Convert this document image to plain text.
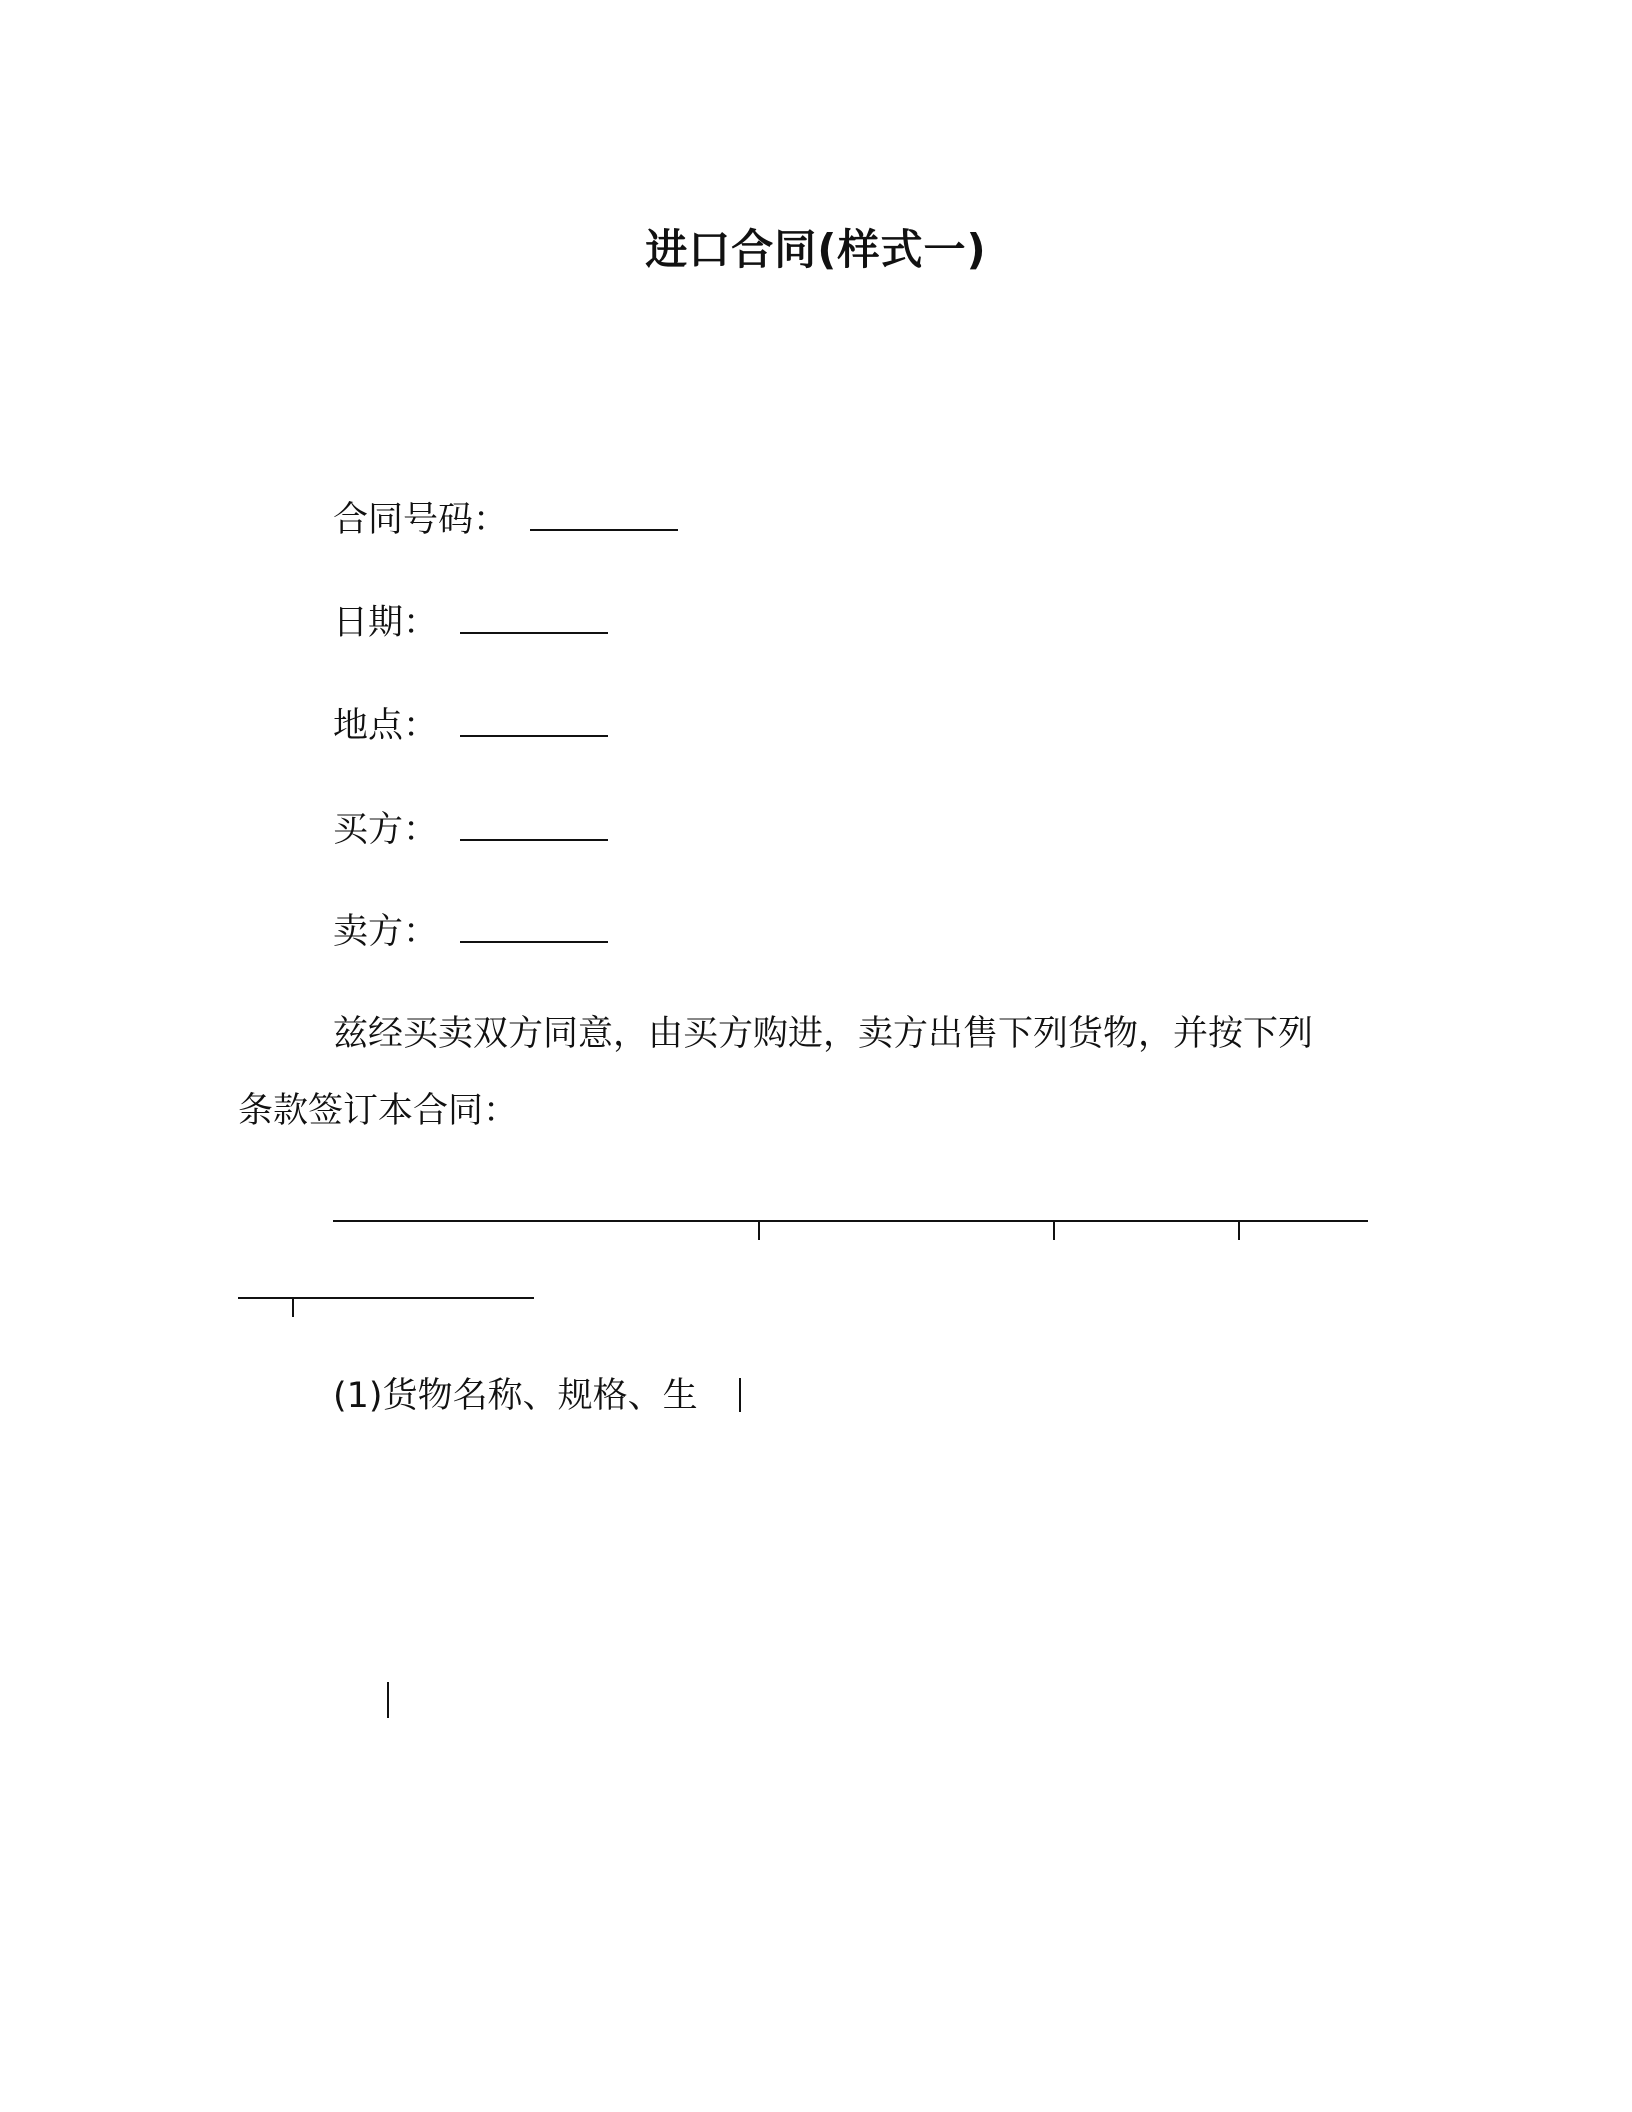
进口合同(样式一)
合同号码：
日期：
地点：
买方：
卖方：
兹经买卖双方同意，由买方购进，卖方出售下列货物，并按下列
条款签订本合同：
(1)货物名称、规格、生
